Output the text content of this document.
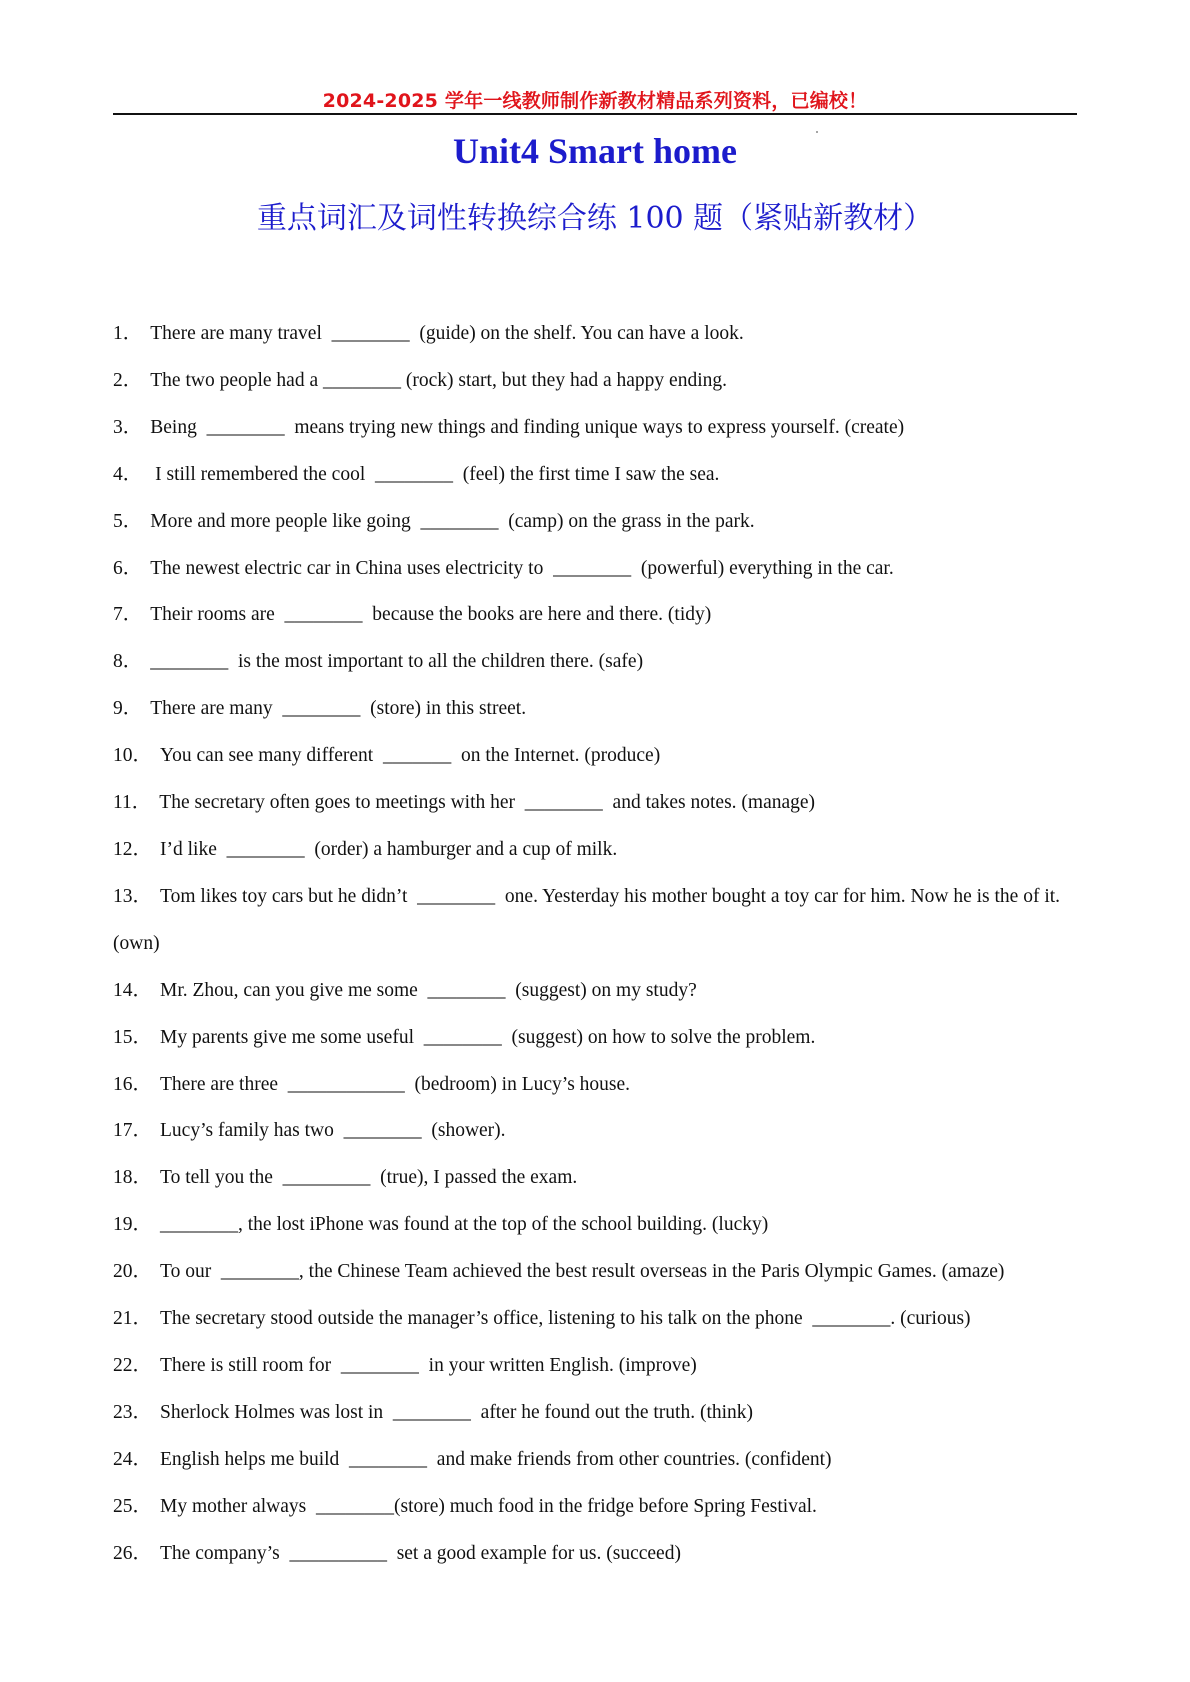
2024-2025 学年一线教师制作新教材精品系列资料，已编校！
Unit4 Smart home
重点词汇及词性转换综合练 100 题（紧贴新教材）
1． There are many travel  ________  (guide) on the shelf. You can have a look.
2． The two people had a ________ (rock) start, but they had a happy ending.
3． Being  ________  means trying new things and finding unique ways to express yourself. (create)
4． I still remembered the cool  ________  (feel) the first time I saw the sea.
5． More and more people like going  ________  (camp) on the grass in the park.
6． The newest electric car in China uses electricity to  ________  (powerful) everything in the car.
7． Their rooms are  ________  because the books are here and there. (tidy)
8． ________  is the most important to all the children there. (safe)
9． There are many  ________  (store) in this street.
10． You can see many different  _______  on the Internet. (produce)
11． The secretary often goes to meetings with her  ________  and takes notes. (manage)
12． I’d like  ________  (order) a hamburger and a cup of milk.
13． Tom likes toy cars but he didn’t  ________  one. Yesterday his mother bought a toy car for him. Now he is the of it. (own)
14． Mr. Zhou, can you give me some  ________  (suggest) on my study?
15． My parents give me some useful  ________  (suggest) on how to solve the problem.
16． There are three  ____________  (bedroom) in Lucy’s house.
17． Lucy’s family has two  ________  (shower).
18． To tell you the  _________  (true), I passed the exam.
19． ________, the lost iPhone was found at the top of the school building. (lucky)
20． To our  ________, the Chinese Team achieved the best result overseas in the Paris Olympic Games. (amaze)
21． The secretary stood outside the manager’s office, listening to his talk on the phone  ________. (curious)
22． There is still room for  ________  in your written English. (improve)
23． Sherlock Holmes was lost in  ________  after he found out the truth. (think)
24． English helps me build  ________  and make friends from other countries. (confident)
25． My mother always  ________(store) much food in the fridge before Spring Festival.
26． The company’s  __________  set a good example for us. (succeed)
